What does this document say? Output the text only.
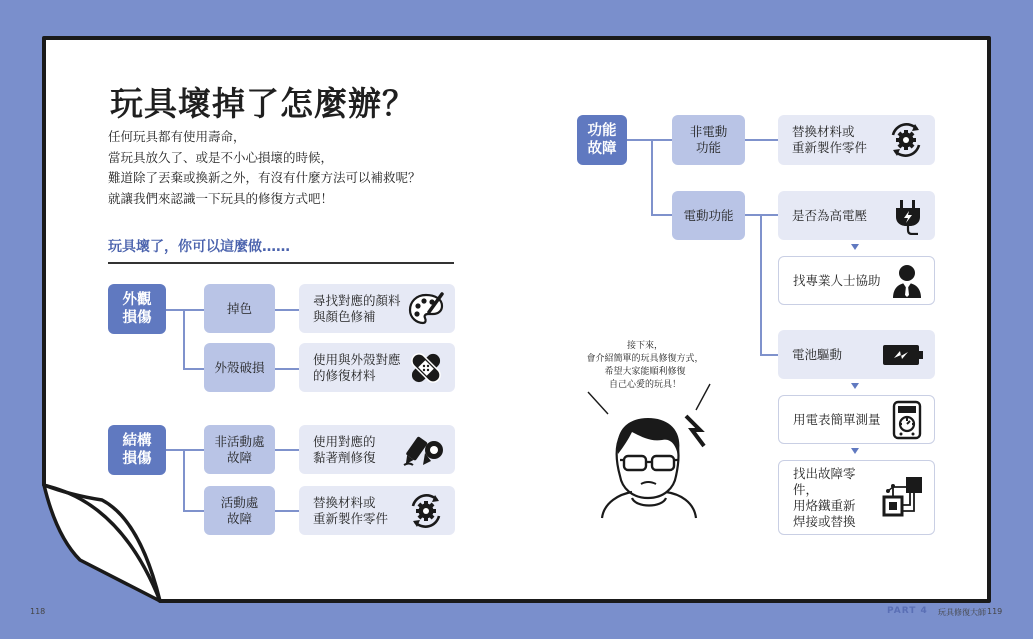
玩具壞掉了怎麼辦？
任何玩具都有使用壽命，
當玩具放久了、或是不小心損壞的時候，
難道除了丟棄或換新之外，有沒有什麼方法可以補救呢？
就讓我們來認識一下玩具的修復方式吧！
玩具壞了，你可以這麼做……
外觀
損傷
掉色
尋找對應的顏料
與顏色修補
外殼破損
使用與外殼對應
的修復材料
結構
損傷
非活動處
故障
使用對應的
黏著劑修復
活動處
故障
替換材料或
重新製作零件
功能
故障
非電動
功能
替換材料或
重新製作零件
電動功能	是否為高電壓
找專業人士協助
電池驅動
用電表簡單測量
找出故障零件，
用烙鐵重新
焊接或替換
接下來，
會介紹簡單的玩具修復方式，
希望大家能順利修復
自己心愛的玩具！
118	PART 4 玩具修復大師 119
